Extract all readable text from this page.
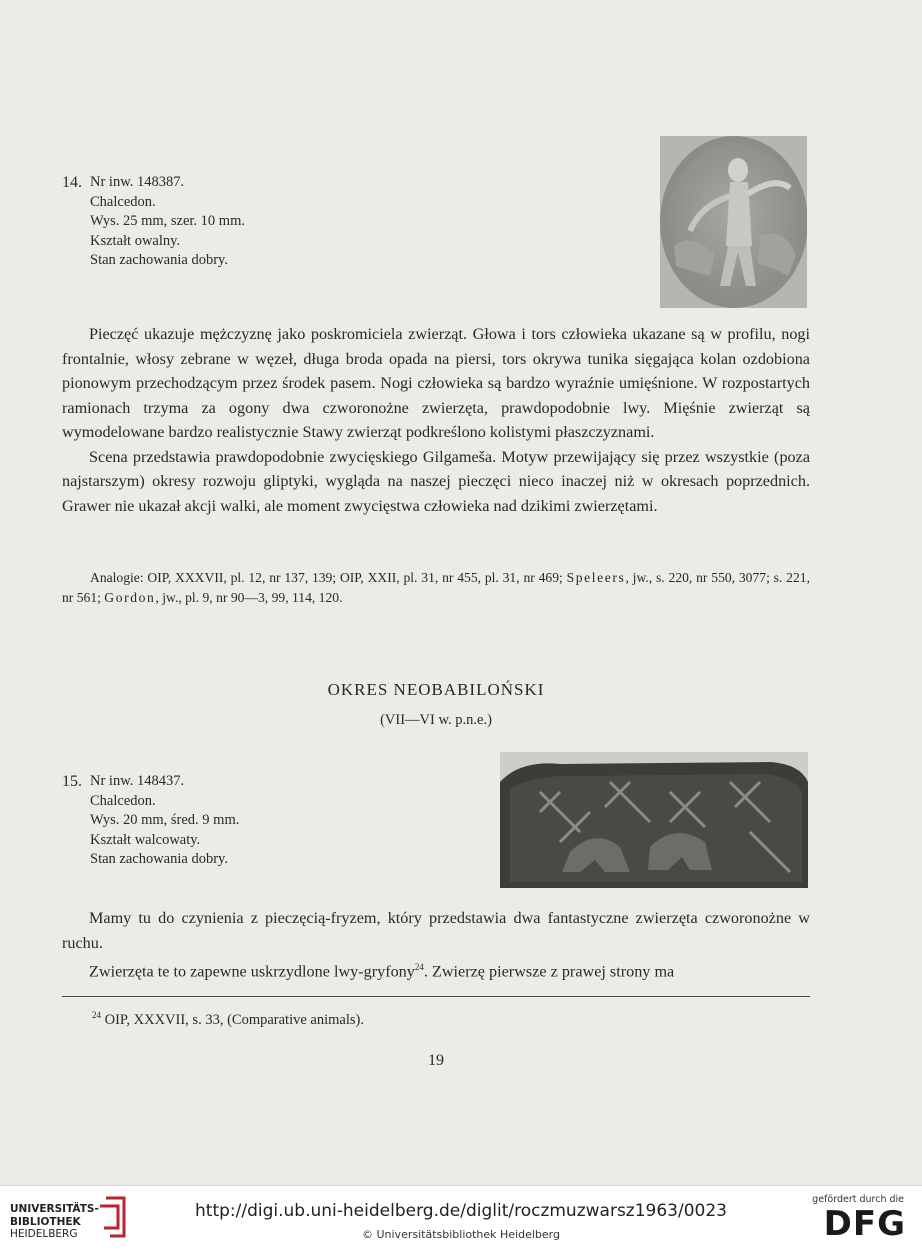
14. Nr inw. 148387.
Chalcedon.
Wys. 25 mm, szer. 10 mm.
Kształt owalny.
Stan zachowania dobry.

Pieczęć ukazuje mężczyznę jako poskromiciela zwierząt. Głowa i tors człowieka ukazane są w profilu, nogi frontalnie, włosy zebrane w węzeł, długa broda opada na piersi, tors okrywa tunika sięgająca kolan ozdobiona pionowym przechodzącym przez środek pasem. Nogi człowieka są bardzo wyraźnie umięśnione. W rozpostartych ramionach trzyma za ogony dwa czworonożne zwierzęta, prawdopodobnie lwy. Mięśnie zwierząt są wymodelowane bardzo realistycznie Stawy zwierząt podkreślono kolistymi płaszczyznami.

Scena przedstawia prawdopodobnie zwycięskiego Gilgameša. Motyw przewijający się przez wszystkie (poza najstarszym) okresy rozwoju gliptyki, wygląda na naszej pieczęci nieco inaczej niż w okresach poprzednich. Grawer nie ukazał akcji walki, ale moment zwycięstwa człowieka nad dzikimi zwierzętami.

Analogie: OIP, XXXVII, pl. 12, nr 137, 139; OIP, XXII, pl. 31, nr 455, pl. 31, nr 469; Speleers, jw., s. 220, nr 550, 3077; s. 221, nr 561; Gordon, jw., pl. 9, nr 90—3, 99, 114, 120.

OKRES NEOBABILOŃSKI
(VII—VI w. p.n.e.)
15. Nr inw. 148437.
Chalcedon.
Wys. 20 mm, śred. 9 mm.
Kształt walcowaty.
Stan zachowania dobry.

Mamy tu do czynienia z pieczęcią-fryzem, który przedstawia dwa fantastyczne zwierzęta czworonożne w ruchu.

Zwierzęta te to zapewne uskrzydlone lwy-gryfony$^{24}$. Zwierzę pierwsze z prawej strony ma

$^{24}$ OIP, XXXVII, s. 33, (Comparative animals).
19
UNIVERSITÄTS-
BIBLIOTHEK
HEIDELBERG
http://digi.ub.uni-heidelberg.de/diglit/roczmuzwarsz1963/0023
© Universitätsbibliothek Heidelberg
gefördert durch die
DFG
